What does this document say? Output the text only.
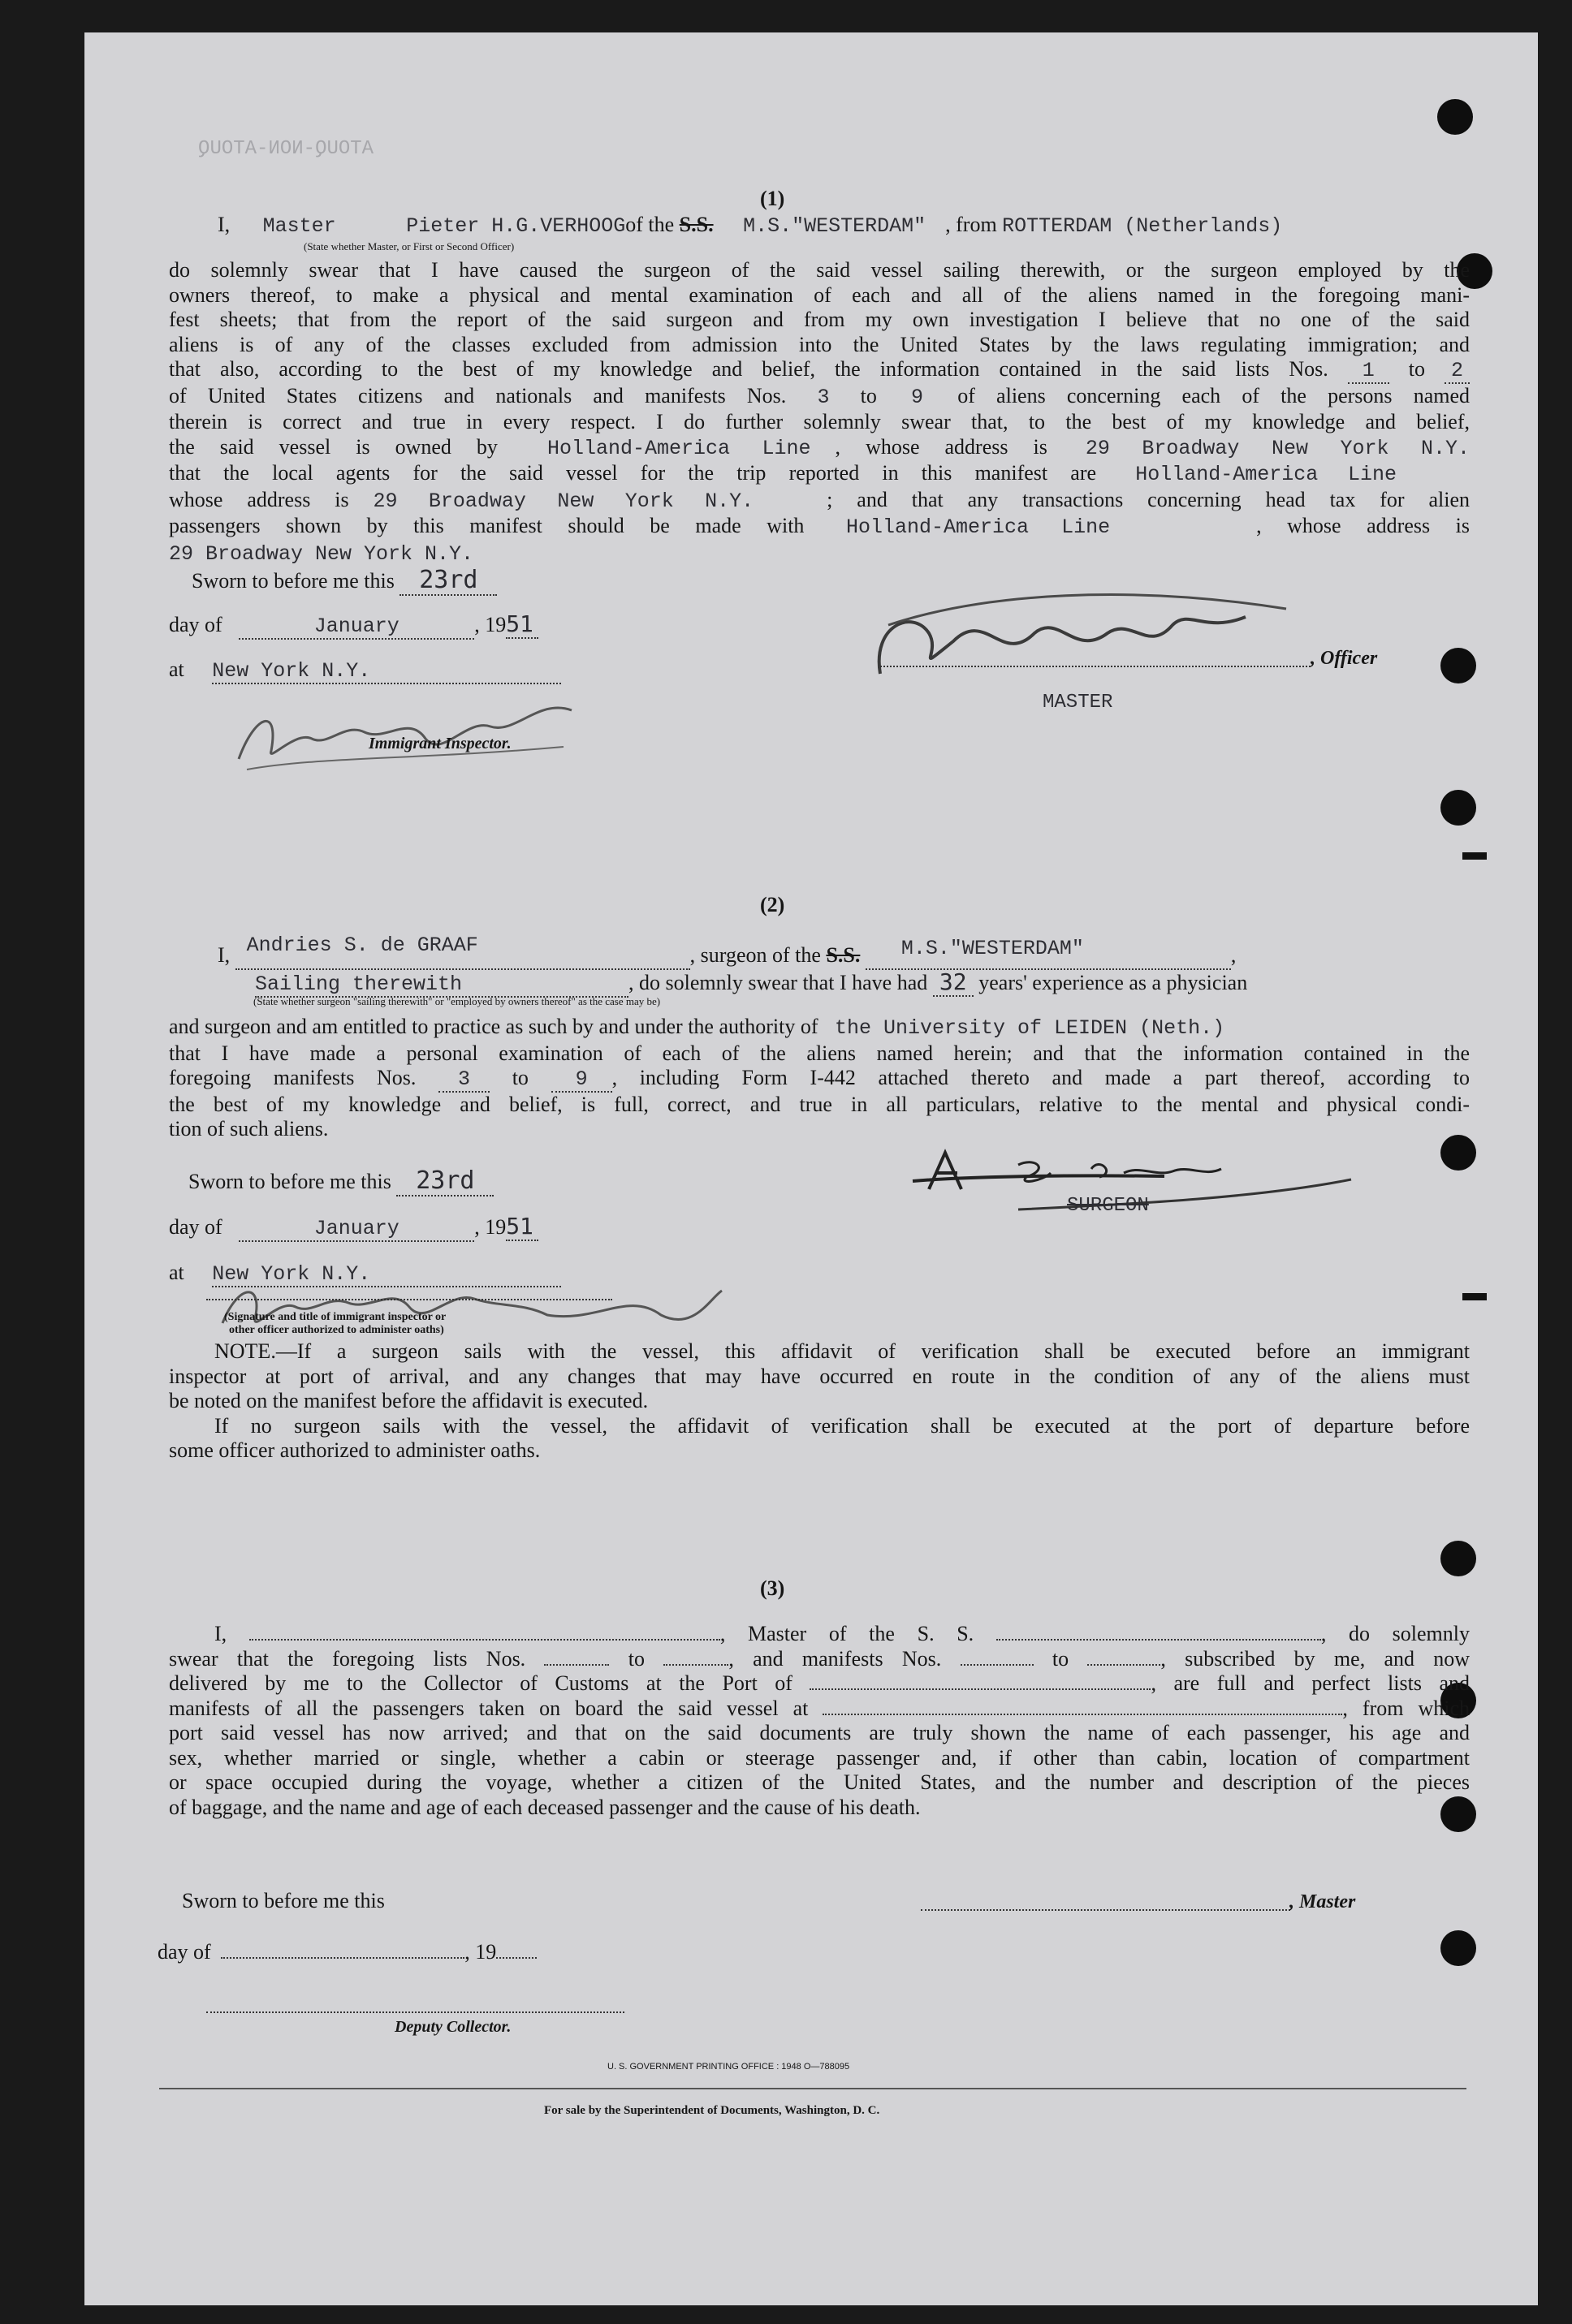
ATOUQ-NON-ATOUQ
(1)
I, Master	Pieter H.G.VERHOOGof the S.S. M.S."WESTERDAM" , from ROTTERDAM (Netherlands)
(State whether Master, or First or Second Officer)
do solemnly swear that I have caused the surgeon of the said vessel sailing therewith, or the surgeon employed by the
owners thereof, to make a physical and mental examination of each and all of the aliens named in the foregoing mani-
fest sheets; that from the report of the said surgeon and from my own investigation I believe that no one of the said
aliens is of any of the classes excluded from admission into the United States by the laws regulating immigration; and
that also, according to the best of my knowledge and belief, the information contained in the said lists Nos. 1 to 2
of United States citizens and nationals and manifests Nos. 3 to 9 of aliens concerning each of the persons named
therein is correct and true in every respect. I do further solemnly swear that, to the best of my knowledge and belief,
the said vessel is owned by Holland-America Line , whose address is 29 Broadway New York N.Y.
that the local agents for the said vessel for the trip reported in this manifest are Holland-America Line
whose address is 29 Broadway New York N.Y.	; and that any transactions concerning head tax for alien
passengers shown by this manifest should be made with Holland-America Line	, whose address is
29 Broadway New York N.Y.
Sworn to before me this 23rd
day of	January	, 1951
at New York N.Y.
Immigrant Inspector.
, Officer
MASTER
(2)
I, Andries S. de GRAAF	, surgeon of the S.S. M.S."WESTERDAM"	,
Sailing therewith	, do solemnly swear that I have had 32 years' experience as a physician
(State whether surgeon "sailing therewith" or "employed by owners thereof" as the case may be)
and surgeon and am entitled to practice as such by and under the authority of the University of LEIDEN (Neth.)
that I have made a personal examination of each of the aliens named herein; and that the information contained in the
foregoing manifests Nos. 3 to 9 , including Form I-442 attached thereto and made a part thereof, according to
the best of my knowledge and belief, is full, correct, and true in all particulars, relative to the mental and physical condi-
tion of such aliens.
Sworn to before me this 23rd
day of	January	, 1951
at New York N.Y.
(Signature and title of immigrant inspector or
other officer authorized to administer oaths)
SURGEON
NOTE.—If a surgeon sails with the vessel, this affidavit of verification shall be executed before an immigrant
inspector at port of arrival, and any changes that may have occurred en route in the condition of any of the aliens must
be noted on the manifest before the affidavit is executed.
If no surgeon sails with the vessel, the affidavit of verification shall be executed at the port of departure before
some officer authorized to administer oaths.
(3)
I,	, Master of the S. S.	, do solemnly
swear that the foregoing lists Nos.	to	, and manifests Nos.	to	, subscribed by me, and now
delivered by me to the Collector of Customs at the Port of	, are full and perfect lists and
manifests of all the passengers taken on board the said vessel at	, from which
port said vessel has now arrived; and that on the said documents are truly shown the name of each passenger, his age and
sex, whether married or single, whether a cabin or steerage passenger and, if other than cabin, location of compartment
or space occupied during the voyage, whether a citizen of the United States, and the number and description of the pieces
of baggage, and the name and age of each deceased passenger and the cause of his death.
Sworn to before me this	, Master
day of	, 19
Deputy Collector.
U. S. GOVERNMENT PRINTING OFFICE : 1948 O—788095
For sale by the Superintendent of Documents, Washington, D. C.
